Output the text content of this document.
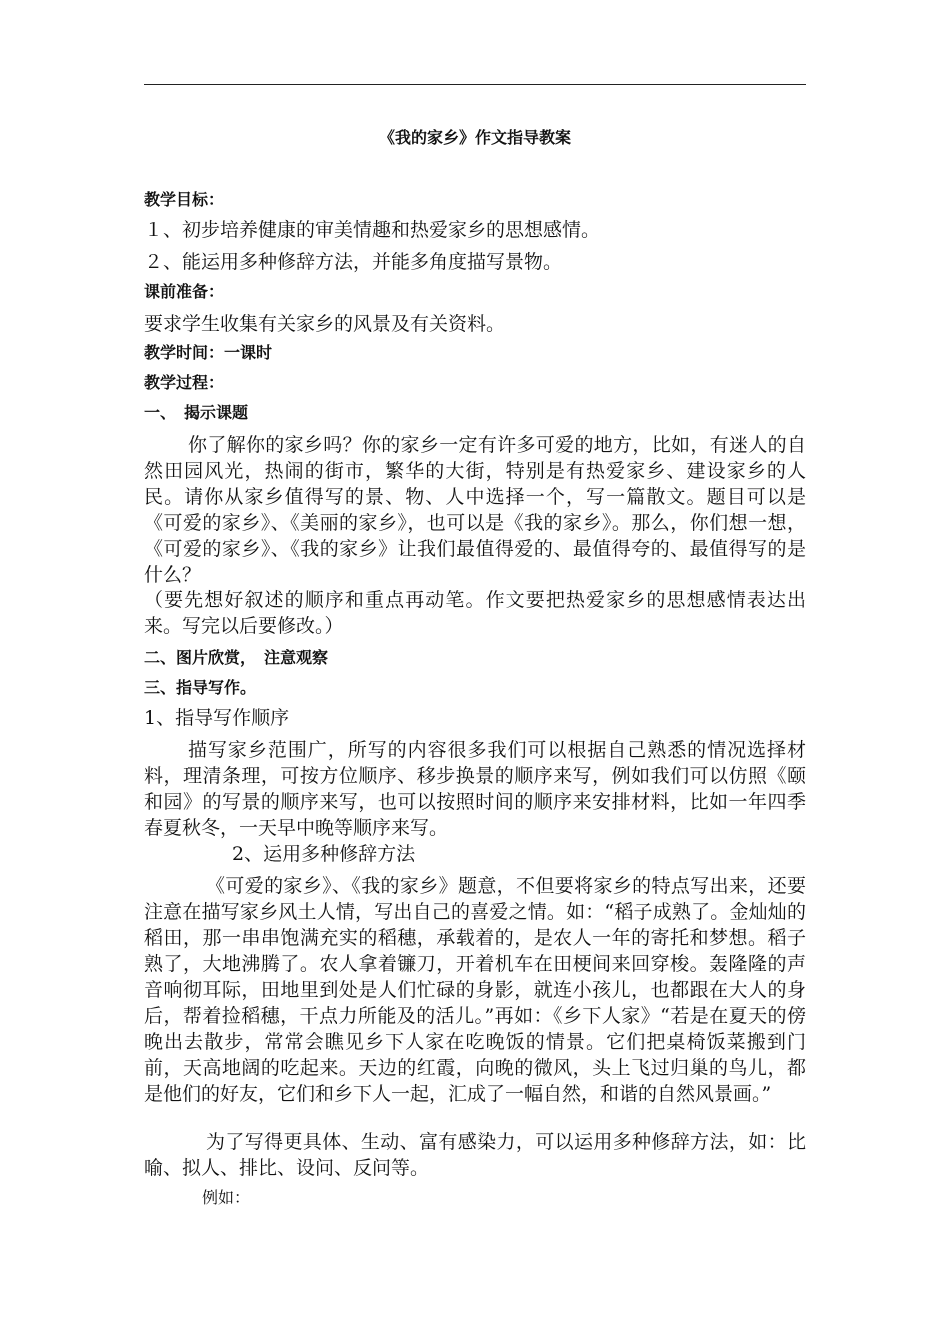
《我的家乡》作文指导教案
教学目标：
１、初步培养健康的审美情趣和热爱家乡的思想感情。
２、能运用多种修辞方法，并能多角度描写景物。
课前准备：
要求学生收集有关家乡的风景及有关资料。
教学时间：一课时
教学过程：
一、　揭示课题
你了解你的家乡吗？你的家乡一定有许多可爱的地方，比如，有迷人的自然田园风光，热闹的街市，繁华的大街，特别是有热爱家乡、建设家乡的人民。请你从家乡值得写的景、物、人中选择一个，写一篇散文。题目可以是《可爱的家乡》、《美丽的家乡》，也可以是《我的家乡》。那么，你们想一想，《可爱的家乡》、《我的家乡》让我们最值得爱的、最值得夸的、最值得写的是什么？
（要先想好叙述的顺序和重点再动笔。作文要把热爱家乡的思想感情表达出来。写完以后要修改。）
二、图片欣赏，　注意观察
三、指导写作。
1、指导写作顺序
描写家乡范围广，所写的内容很多我们可以根据自己熟悉的情况选择材料，理清条理，可按方位顺序、移步换景的顺序来写，例如我们可以仿照《颐和园》的写景的顺序来写，也可以按照时间的顺序来安排材料，比如一年四季春夏秋冬，一天早中晚等顺序来写。
2、运用多种修辞方法
《可爱的家乡》、《我的家乡》题意，不但要将家乡的特点写出来，还要注意在描写家乡风土人情，写出自己的喜爱之情。如：“稻子成熟了。金灿灿的稻田，那一串串饱满充实的稻穗，承载着的，是农人一年的寄托和梦想。稻子熟了，大地沸腾了。农人拿着镰刀，开着机车在田梗间来回穿梭。轰隆隆的声音响彻耳际，田地里到处是人们忙碌的身影，就连小孩儿，也都跟在大人的身后，帮着捡稻穗，干点力所能及的活儿。”再如：《乡下人家》“若是在夏天的傍晚出去散步，常常会瞧见乡下人家在吃晚饭的情景。它们把桌椅饭菜搬到门前，天高地阔的吃起来。天边的红霞，向晚的微风，头上飞过归巢的鸟儿，都是他们的好友，它们和乡下人一起，汇成了一幅自然，和谐的自然风景画。”
为了写得更具体、生动、富有感染力，可以运用多种修辞方法，如：比喻、拟人、排比、设问、反问等。
例如：
